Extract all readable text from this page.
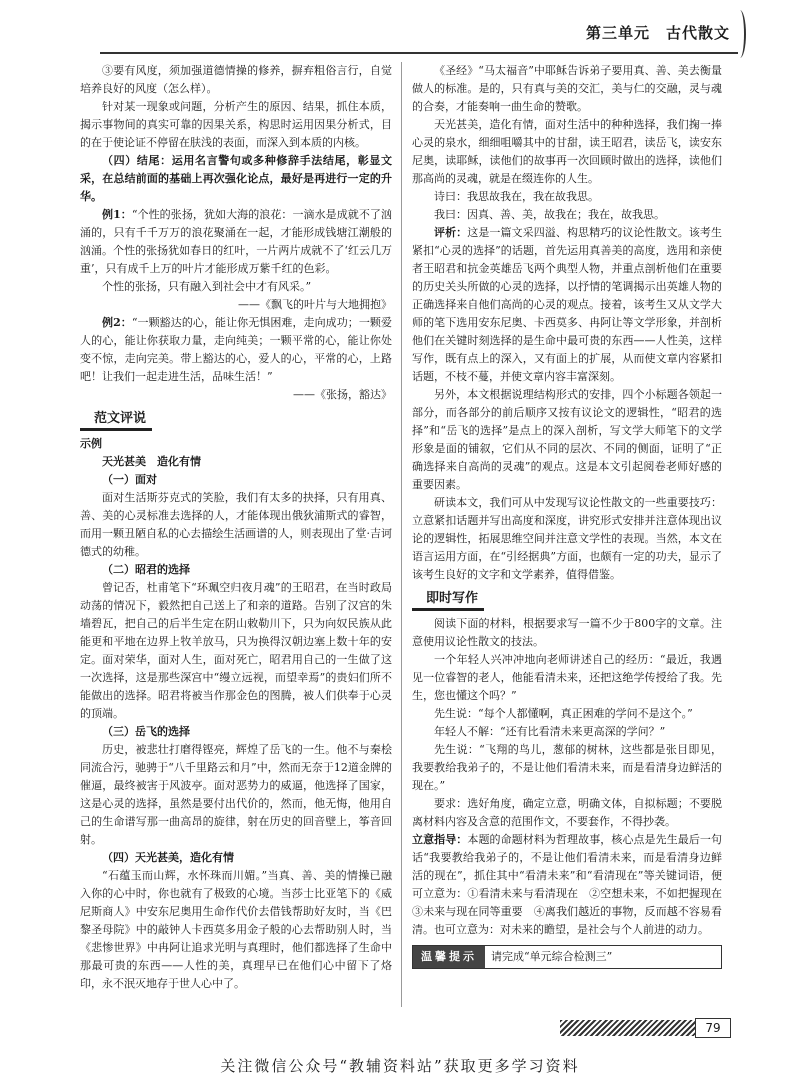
第三单元　古代散文

③要有风度，须加强道德情操的修养，摒弃粗俗言行，自觉培养良好的风度（怎么样）。

针对某一现象或问题，分析产生的原因、结果，抓住本质，揭示事物间的真实可靠的因果关系，构思时运用因果分析式，目的在于使论证不停留在肤浅的表面，而深入到本质的内核。

（四）结尾：运用名言警句或多种修辞手法结尾，彰显文采，在总结前面的基础上再次强化论点，最好是再进行一定的升华。

例1：“个性的张扬，犹如大海的浪花：一滴水是成就不了汹涌的，只有千千万万的浪花聚涌在一起，才能形成钱塘江潮般的汹涌。个性的张扬犹如春日的红叶，一片两片成就不了‘红云几万重’，只有成千上万的叶片才能形成万紫千红的色彩。

个性的张扬，只有融入到社会中才有风采。”

——《飘飞的叶片与大地拥抱》

例2：“一颗豁达的心，能让你无惧困难，走向成功；一颗爱人的心，能让你获取力量，走向纯美；一颗平常的心，能让你处变不惊，走向完美。带上豁达的心，爱人的心，平常的心，上路吧！让我们一起走进生活，品味生活！”

——《张扬，豁达》

范文评说

示例

天光甚美　造化有情

（一）面对

面对生活斯芬克式的笑脸，我们有太多的抉择，只有用真、善、美的心灵标准去选择的人，才能体现出俄狄浦斯式的睿智，而用一颗丑陋自私的心去描绘生活画谱的人，则表现出了堂·吉诃德式的幼稚。

（二）昭君的选择

曾记否，杜甫笔下“环珮空归夜月魂”的王昭君，在当时政局动荡的情况下，毅然把自己送上了和亲的道路。告别了汉宫的朱墙碧瓦，把自己的后半生定在阴山敕勒川下，只为向奴民族从此能更和平地在边界上牧羊放马，只为换得汉朝边塞上数十年的安定。面对荣华，面对人生，面对死亡，昭君用自己的一生做了这一次选择，这是那些深宫中“缦立远视，而望幸焉”的贵妇们所不能做出的选择。昭君将被当作那金色的图腾，被人们供奉于心灵的顶端。

（三）岳飞的选择

历史，被悲壮打磨得铿亮，辉煌了岳飞的一生。他不与秦桧同流合污，驰骋于“八千里路云和月”中，然而无奈于12道金牌的催逼，最终被害于风波亭。面对恶势力的威逼，他选择了国家，这是心灵的选择，虽然是要付出代价的，然而，他无悔，他用自己的生命谱写那一曲高昂的旋律，射在历史的回音壁上，筝音回射。

（四）天光甚美，造化有情

“石蕴玉而山辉，水怀珠而川媚。”当真、善、美的情操已融入你的心中时，你也就有了极致的心境。当莎士比亚笔下的《威尼斯商人》中安东尼奥用生命作代价去借钱帮助好友时，当《巴黎圣母院》中的敲钟人卡西莫多用金子般的心去帮助别人时，当《悲惨世界》中冉阿让追求光明与真理时，他们都选择了生命中那最可贵的东西——人性的美，真理早已在他们心中留下了烙印，永不泯灭地存于世人心中了。

《圣经》“马太福音”中耶稣告诉弟子要用真、善、美去衡量做人的标准。是的，只有真与美的交汇，美与仁的交融，灵与魂的合奏，才能奏响一曲生命的赞歌。

天光甚美，造化有情，面对生活中的种种选择，我们掬一捧心灵的泉水，细细咀嚼其中的甘甜，读王昭君，读岳飞，读安东尼奥，读耶稣，读他们的故事再一次回顾时做出的选择，读他们那高尚的灵魂，就是在缀连你的人生。

诗曰：我思故我在，我在故我思。

我曰：因真、善、美，故我在；我在，故我思。

评析：这是一篇文采四溢、构思精巧的议论性散文。该考生紧扣“心灵的选择”的话题，首先运用真善美的高度，选用和亲使者王昭君和抗金英雄岳飞两个典型人物，并重点剖析他们在重要的历史关头所做的心灵的选择，以抒情的笔调揭示出英雄人物的正确选择来自他们高尚的心灵的观点。接着，该考生又从文学大师的笔下选用安东尼奥、卡西莫多、冉阿让等文学形象，并剖析他们在关键时刻选择的是生命中最可贵的东西——人性美，这样写作，既有点上的深入，又有面上的扩展，从而使文章内容紧扣话题，不枝不蔓，并使文章内容丰富深刻。

另外，本文根据说理结构形式的安排，四个小标题各领起一部分，而各部分的前后顺序又按有议论文的逻辑性，“昭君的选择”和“岳飞的选择”是点上的深入剖析，写文学大师笔下的文学形象是面的铺叙，它们从不同的层次、不同的侧面，证明了“正确选择来自高尚的灵魂”的观点。这是本文引起阅卷老师好感的重要因素。

研读本文，我们可从中发现写议论性散文的一些重要技巧：立意紧扣话题并写出高度和深度，讲究形式安排并注意体现出议论的逻辑性，拓展思维空间并注意文学性的表现。当然，本文在语言运用方面，在“引经据典”方面，也颇有一定的功夫，显示了该考生良好的文字和文学素养，值得借鉴。

即时写作

阅读下面的材料，根据要求写一篇不少于800字的文章。注意使用议论性散文的技法。

一个年轻人兴冲冲地向老师讲述自己的经历：“最近，我遇见一位睿智的老人，他能看清未来，还把这绝学传授给了我。先生，您也懂这个吗？”

先生说：“每个人都懂啊，真正困难的学问不是这个。”

年轻人不解：“还有比看清未来更高深的学问？”

先生说：“飞翔的鸟儿，葱郁的树林，这些都是张目即见，我要教给我弟子的，不是让他们看清未来，而是看清身边鲜活的现在。”

要求：选好角度，确定立意，明确文体，自拟标题；不要脱离材料内容及含意的范围作文，不要套作，不得抄袭。

立意指导：本题的命题材料为哲理故事，核心点是先生最后一句话“我要教给我弟子的，不是让他们看清未来，而是看清身边鲜活的现在”，抓住其中“看清未来”和“看清现在”等关键词语，便可立意为：①看清未来与看清现在　②空想未来，不如把握现在　③未来与现在同等重要　④离我们越近的事物，反而越不容易看清。也可立意为：对未来的瞻望，是社会与个人前进的动力。

温馨提示	请完成“单元综合检测三”
79
关注微信公众号“教辅资料站”获取更多学习资料
